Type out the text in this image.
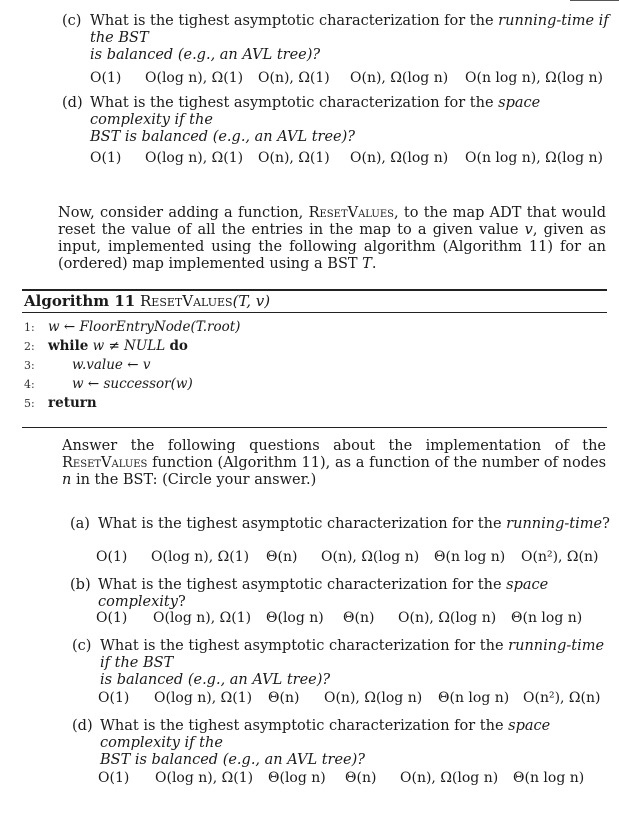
(c) What is the tighest asymptotic characterization for the running-time if the BST
is balanced (e.g., an AVL tree)?
O(1) O(log n), Ω(1) O(n), Ω(1) O(n), Ω(log n) O(n log n), Ω(log n)
(d) What is the tighest asymptotic characterization for the space complexity if the
BST is balanced (e.g., an AVL tree)?
O(1) O(log n), Ω(1) O(n), Ω(1) O(n), Ω(log n) O(n log n), Ω(log n)
Now, consider adding a function, ResetValues, to the map ADT that would reset the value of all the entries in the map to a given value v, given as input, implemented using the following algorithm (Algorithm 11) for an (ordered) map implemented using a BST T.
Algorithm 11 ResetValues(T, v)
1: w ← FloorEntryNode(T.root)
2: while w ≠ NULL do
3:	w.value ← v
4:	w ← successor(w)
5: return
Answer the following questions about the implementation of the ResetValues function (Algorithm 11), as a function of the number of nodes n in the BST: (Circle your answer.)
(a) What is the tighest asymptotic characterization for the running-time?
O(1) O(log n), Ω(1) Θ(n) O(n), Ω(log n) Θ(n log n) O(n²), Ω(n)
(b) What is the tighest asymptotic characterization for the space complexity?
O(1) O(log n), Ω(1) Θ(log n) Θ(n) O(n), Ω(log n) Θ(n log n)
(c) What is the tighest asymptotic characterization for the running-time if the BST
is balanced (e.g., an AVL tree)?
O(1) O(log n), Ω(1) Θ(n) O(n), Ω(log n) Θ(n log n) O(n²), Ω(n)
(d) What is the tighest asymptotic characterization for the space complexity if the
BST is balanced (e.g., an AVL tree)?
O(1) O(log n), Ω(1) Θ(log n) Θ(n) O(n), Ω(log n) Θ(n log n)
